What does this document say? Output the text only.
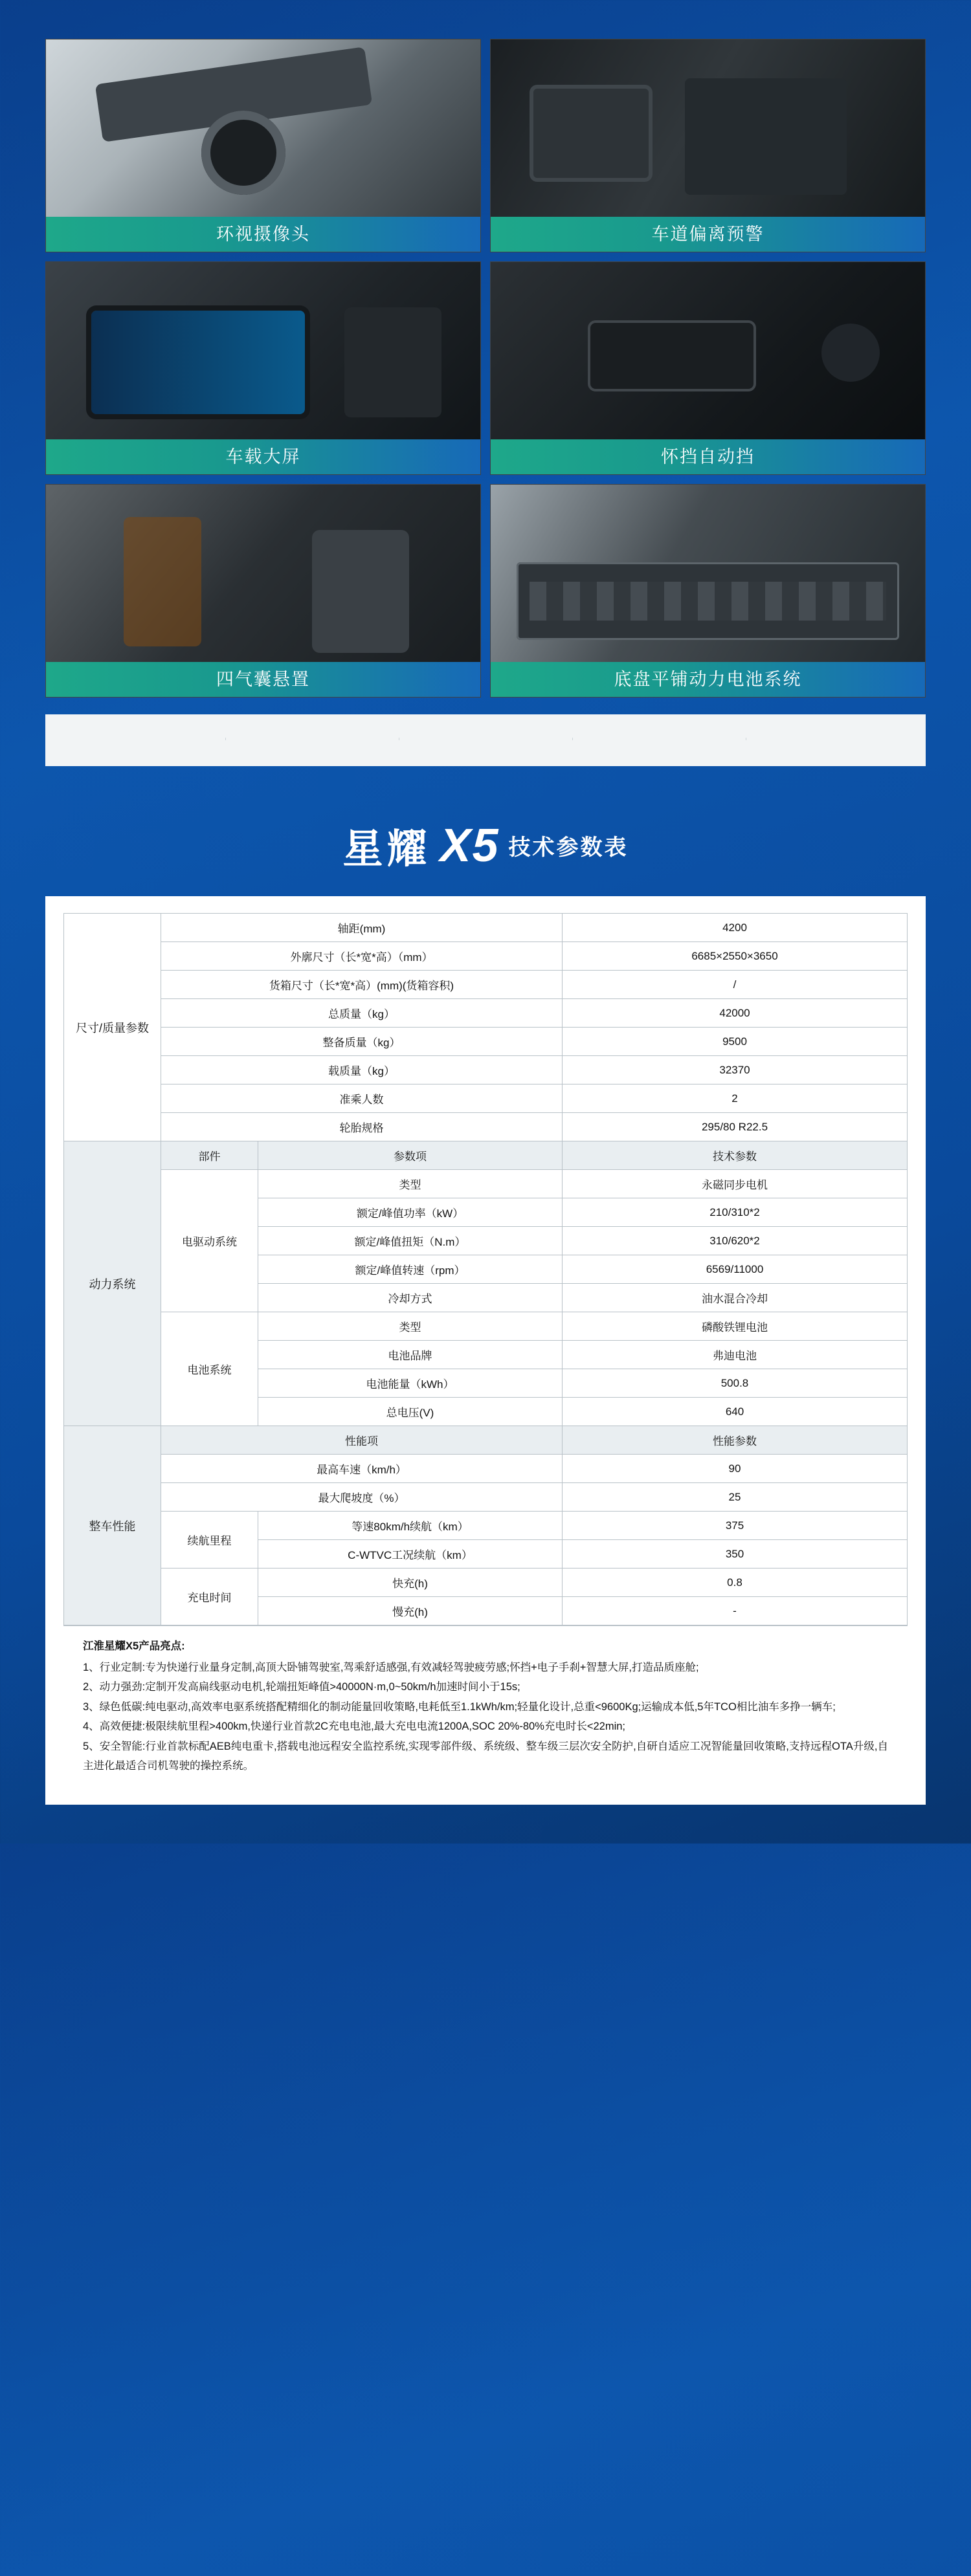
环视摄像头	车道偏离预警
车载大屏	怀挡自动挡
四气囊悬置	底盘平铺动力电池系统
星耀 X5 技术参数表
尺寸/质量参数	轴距(mm)		4200
	外廓尺寸（长*宽*高）（mm）		6685×2550×3650
	货箱尺寸（长*宽*高）(mm)(货箱容积)		/
	总质量（kg）		42000
	整备质量（kg）		9500
	载质量（kg）		32370
	准乘人数		2
	轮胎规格		295/80 R22.5
动力系统	部件	参数项	技术参数
	电驱动系统	类型	永磁同步电机
		额定/峰值功率（kW）	210/310*2
		额定/峰值扭矩（N.m）	310/620*2
		额定/峰值转速（rpm）	6569/11000
		冷却方式	油水混合冷却
	电池系统	类型	磷酸铁锂电池
		电池品牌	弗迪电池
		电池能量（kWh）	500.8
		总电压(V)	640
整车性能	性能项		性能参数
	最高车速（km/h）		90
	最大爬坡度（%）		25
	续航里程	等速80km/h续航（km）	375
		C-WTVC工况续航（km）	350
	充电时间	快充(h)	0.8
		慢充(h)	-
江淮星耀X5产品亮点:

1、行业定制:专为快递行业量身定制,高顶大卧铺驾驶室,驾乘舒适感强,有效减轻驾驶疲劳感;怀挡+电子手刹+智慧大屏,打造品质座舱;

2、动力强劲:定制开发高扁线驱动电机,轮端扭矩峰值>40000N·m,0~50km/h加速时间小于15s;

3、绿色低碳:纯电驱动,高效率电驱系统搭配精细化的制动能量回收策略,电耗低至1.1kWh/km;轻量化设计,总重<9600Kg;运输成本低,5年TCO相比油车多挣一辆车;

4、高效便捷:极限续航里程>400km,快递行业首款2C充电电池,最大充电电流1200A,SOC 20%-80%充电时长<22min;

5、安全智能:行业首款标配AEB纯电重卡,搭载电池远程安全监控系统,实现零部件级、系统级、整车级三层次安全防护,自研自适应工况智能量回收策略,支持远程OTA升级,自主进化最适合司机驾驶的操控系统。
